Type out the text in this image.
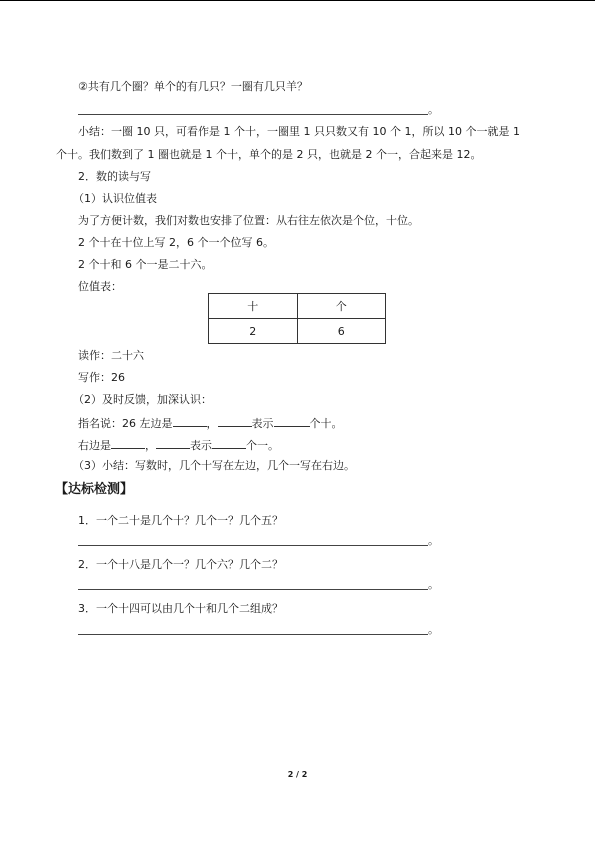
②共有几个圈？单个的有几只？一圈有几只羊？
。
小结：一圈 10 只，可看作是 1 个十，一圈里 1 只只数又有 10 个 1，所以 10 个一就是 1
个十。我们数到了 1 圈也就是 1 个十，单个的是 2 只，也就是 2 个一，合起来是 12。
2．数的读与写
（1）认识位值表
为了方便计数，我们对数也安排了位置：从右往左依次是个位，十位。
2 个十在十位上写 2，6 个一个位写 6。
2 个十和 6 个一是二十六。
位值表：
十	个
2	6
读作：二十六
写作：26
（2）及时反馈，加深认识：
指名说：26 左边是	，	表示	个十。
右边是	，	表示	个一。
（3）小结：写数时，几个十写在左边，几个一写在右边。
【达标检测】
1．一个二十是几个十？几个一？几个五？
。
2．一个十八是几个一？几个六？几个二？
。
3．一个十四可以由几个十和几个二组成？
。
2 / 2
